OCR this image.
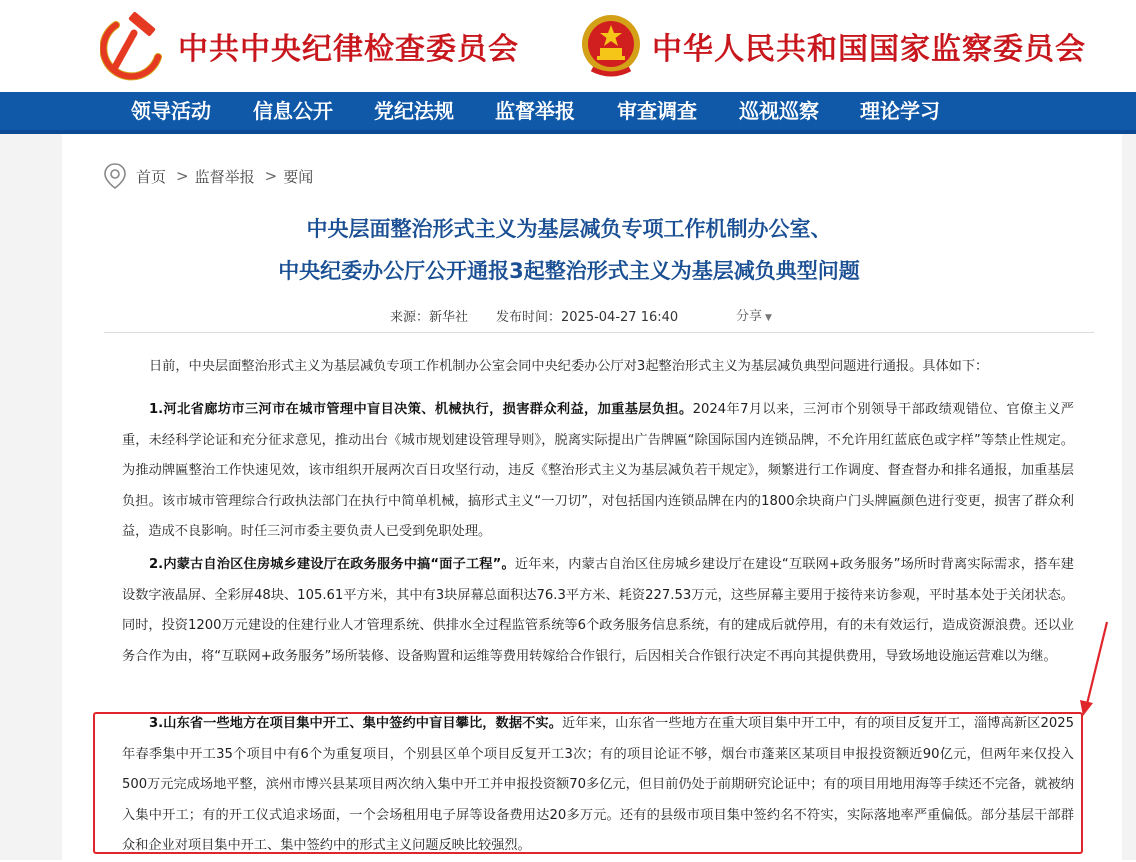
中共中央纪律检查委员会	中华人民共和国国家监察委员会
领导活动 信息公开 党纪法规 监督举报 审查调查 巡视巡察 理论学习
首页 > 监督举报 > 要闻
中央层面整治形式主义为基层减负专项工作机制办公室、
中央纪委办公厅公开通报3起整治形式主义为基层减负典型问题
来源：新华社 发布时间：2025-04-27 16:40	分享 ▼
日前，中央层面整治形式主义为基层减负专项工作机制办公室会同中央纪委办公厅对3起整治形式主义为基层减负典型问题进行通报。具体如下：
1.河北省廊坊市三河市在城市管理中盲目决策、机械执行，损害群众利益，加重基层负担。2024年7月以来，三河市个别领导干部政绩观错位、官僚主义严重，未经科学论证和充分征求意见，推动出台《城市规划建设管理导则》，脱离实际提出广告牌匾“除国际国内连锁品牌，不允许用红蓝底色或字样”等禁止性规定。为推动牌匾整治工作快速见效，该市组织开展两次百日攻坚行动，违反《整治形式主义为基层减负若干规定》，频繁进行工作调度、督查督办和排名通报，加重基层负担。该市城市管理综合行政执法部门在执行中简单机械，搞形式主义“一刀切”，对包括国内连锁品牌在内的1800余块商户门头牌匾颜色进行变更，损害了群众利益，造成不良影响。时任三河市委主要负责人已受到免职处理。
2.内蒙古自治区住房城乡建设厅在政务服务中搞“面子工程”。近年来，内蒙古自治区住房城乡建设厅在建设“互联网+政务服务”场所时背离实际需求，搭车建设数字液晶屏、全彩屏48块、105.61平方米，其中有3块屏幕总面积达76.3平方米、耗资227.53万元，这些屏幕主要用于接待来访参观，平时基本处于关闭状态。同时，投资1200万元建设的住建行业人才管理系统、供排水全过程监管系统等6个政务服务信息系统，有的建成后就停用，有的未有效运行，造成资源浪费。还以业务合作为由，将“互联网+政务服务”场所装修、设备购置和运维等费用转嫁给合作银行，后因相关合作银行决定不再向其提供费用，导致场地设施运营难以为继。
3.山东省一些地方在项目集中开工、集中签约中盲目攀比，数据不实。近年来，山东省一些地方在重大项目集中开工中，有的项目反复开工，淄博高新区2025年春季集中开工35个项目中有6个为重复项目，个别县区单个项目反复开工3次；有的项目论证不够，烟台市蓬莱区某项目申报投资额近90亿元，但两年来仅投入500万元完成场地平整，滨州市博兴县某项目两次纳入集中开工并申报投资额70多亿元，但目前仍处于前期研究论证中；有的项目用地用海等手续还不完备，就被纳入集中开工；有的开工仪式追求场面，一个会场租用电子屏等设备费用达20多万元。还有的县级市项目集中签约名不符实，实际落地率严重偏低。部分基层干部群众和企业对项目集中开工、集中签约中的形式主义问题反映比较强烈。
